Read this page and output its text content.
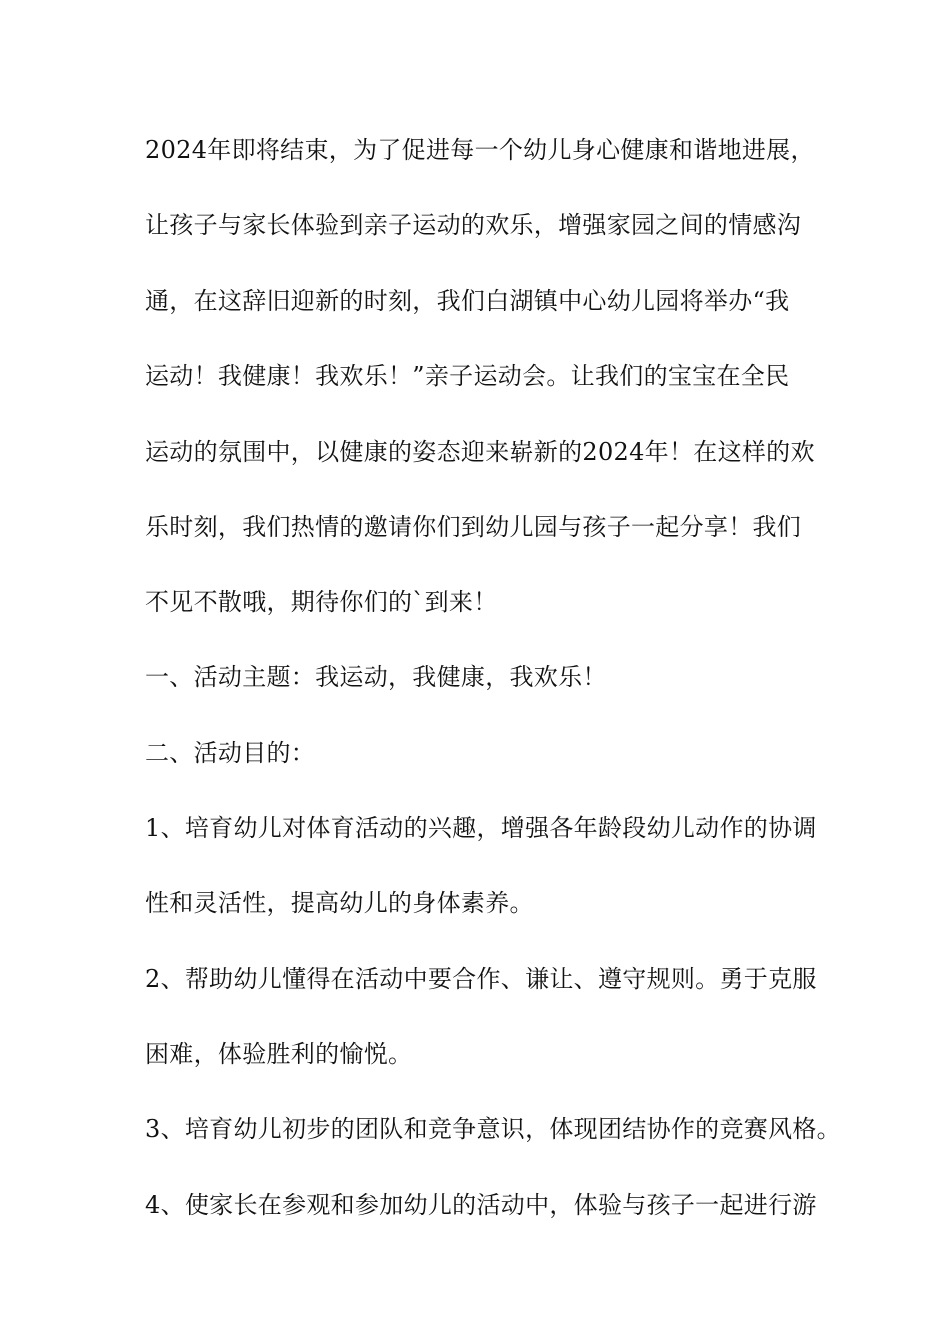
2024年即将结束，为了促进每一个幼儿身心健康和谐地进展，
让孩子与家长体验到亲子运动的欢乐，增强家园之间的情感沟
通，在这辞旧迎新的时刻，我们白湖镇中心幼儿园将举办“我
运动！我健康！我欢乐！”亲子运动会。让我们的宝宝在全民
运动的氛围中，以健康的姿态迎来崭新的2024年！在这样的欢
乐时刻，我们热情的邀请你们到幼儿园与孩子一起分享！我们
不见不散哦，期待你们的`到来！
一、活动主题：我运动，我健康，我欢乐！
二、活动目的：
1、培育幼儿对体育活动的兴趣，增强各年龄段幼儿动作的协调
性和灵活性，提高幼儿的身体素养。
2、帮助幼儿懂得在活动中要合作、谦让、遵守规则。勇于克服
困难，体验胜利的愉悦。
3、培育幼儿初步的团队和竞争意识，体现团结协作的竞赛风格。
4、使家长在参观和参加幼儿的活动中，体验与孩子一起进行游
